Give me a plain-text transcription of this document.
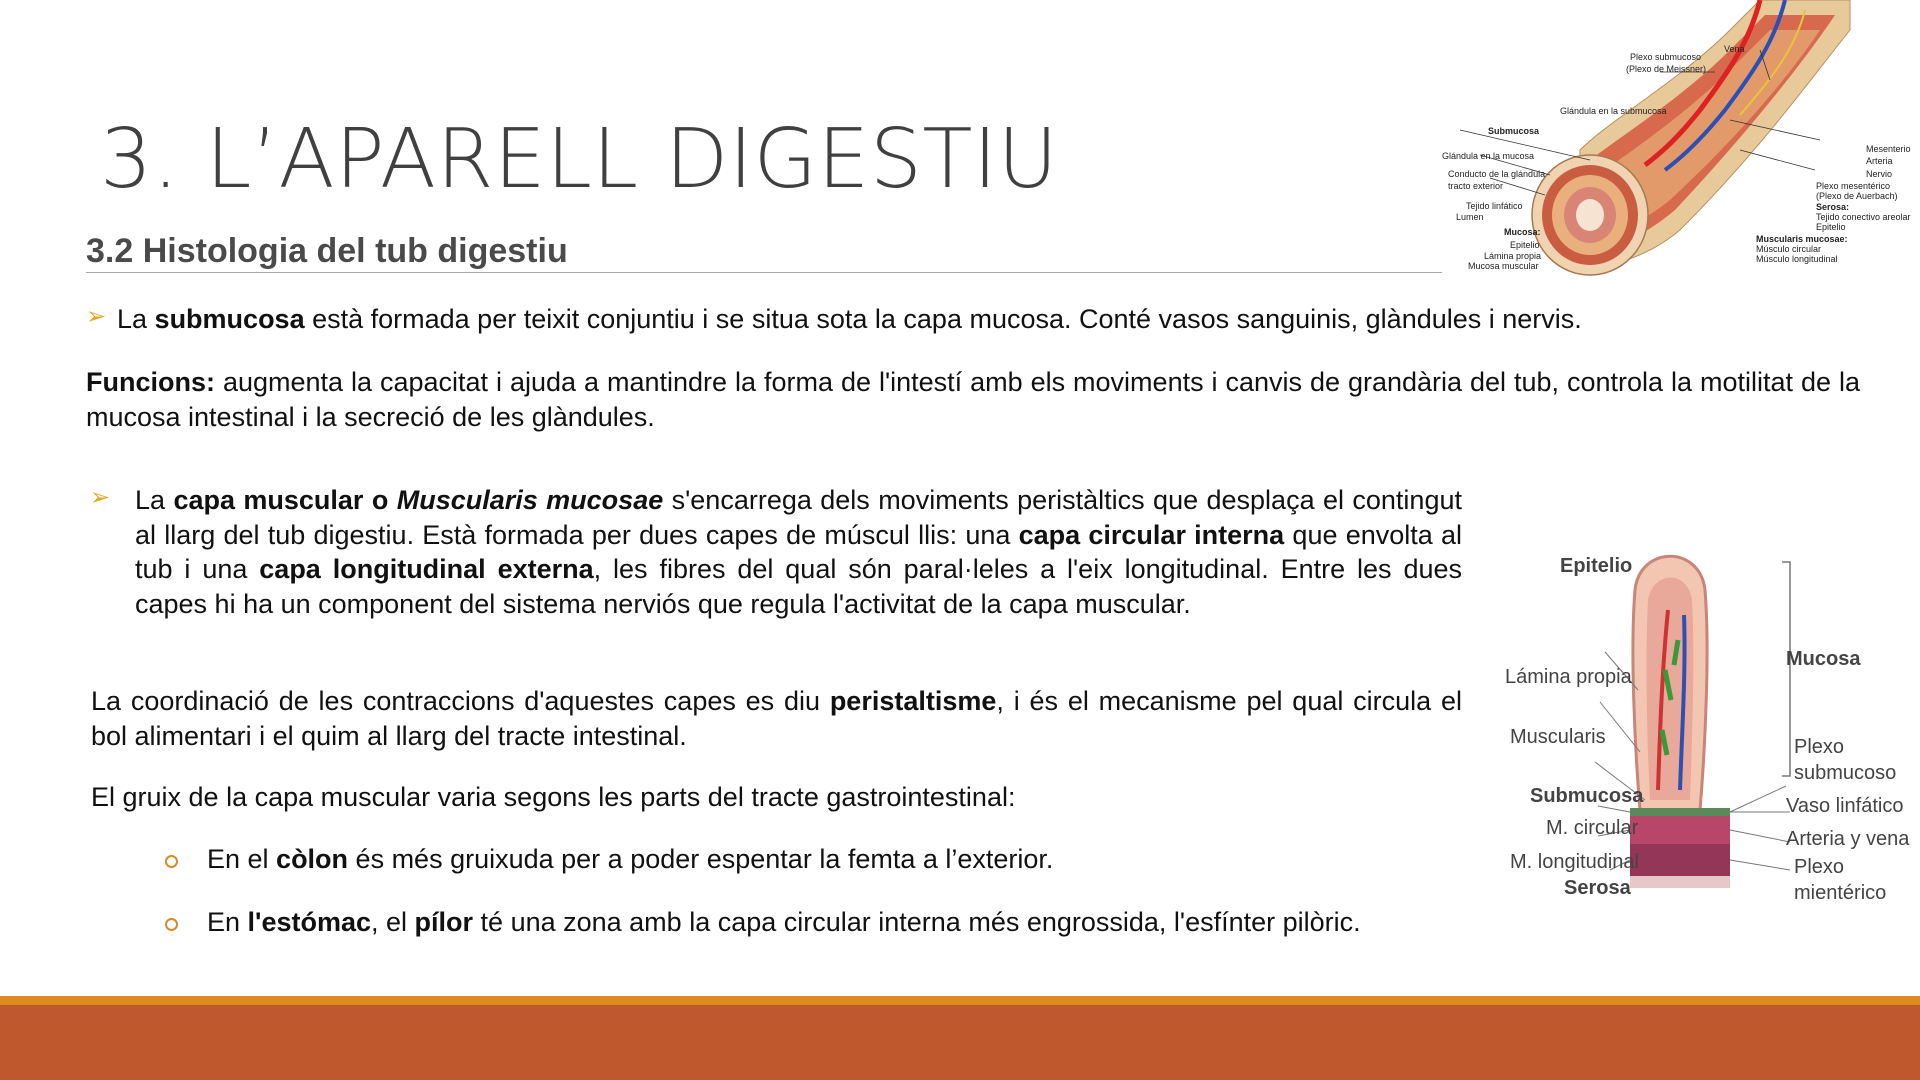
3. L’APARELL DIGESTIU
3.2 Histologia del tub digestiu
➢ La submucosa està formada per teixit conjuntiu i se situa sota la capa mucosa. Conté vasos sanguinis, glàndules i nervis.

Funcions: augmenta la capacitat i ajuda a mantindre la forma de l'intestí amb els moviments i canvis de grandària del tub, controla la motilitat de la mucosa intestinal i la secreció de les glàndules.

➢ La capa muscular o Muscularis mucosae s'encarrega dels moviments peristàltics que desplaça el contingut al llarg del tub digestiu. Està formada per dues capes de múscul llis: una capa circular interna que envolta al tub i una capa longitudinal externa, les fibres del qual són paral·leles a l'eix longitudinal. Entre les dues capes hi ha un component del sistema nerviós que regula l'activitat de la capa muscular.

La coordinació de les contraccions d'aquestes capes es diu peristaltisme, i és el mecanisme pel qual circula el bol alimentari i el quim al llarg del tracte intestinal.

El gruix de la capa muscular varia segons les parts del tracte gastrointestinal:

En el còlon és més gruixuda per a poder espentar la femta a l’exterior.

En l'estómac, el pílor té una zona amb la capa circular interna més engrossida, l'esfínter pilòric.

Vena
Plexo submucoso
(Plexo de Meissner)
Glándula en la submucosa
Submucosa
Glándula en la mucosa
Conducto de la glándula
tracto exterior
Tejido linfático
Lumen
Mucosa:
Epitelio
Lámina propia
Mucosa muscular
Mesenterio
Arteria
Nervio
Plexo mesentérico
(Plexo de Auerbach)
Serosa:
Tejido conectivo areolar
Epitelio
Muscularis mucosae:
Músculo circular
Músculo longitudinal
Epitelio
Mucosa
Lámina propia
Muscularis	Plexo
submucoso
Submucosa	Vaso linfático
M. circular	Arteria y vena
M. longitudinal	Plexo
Serosa	mientérico
